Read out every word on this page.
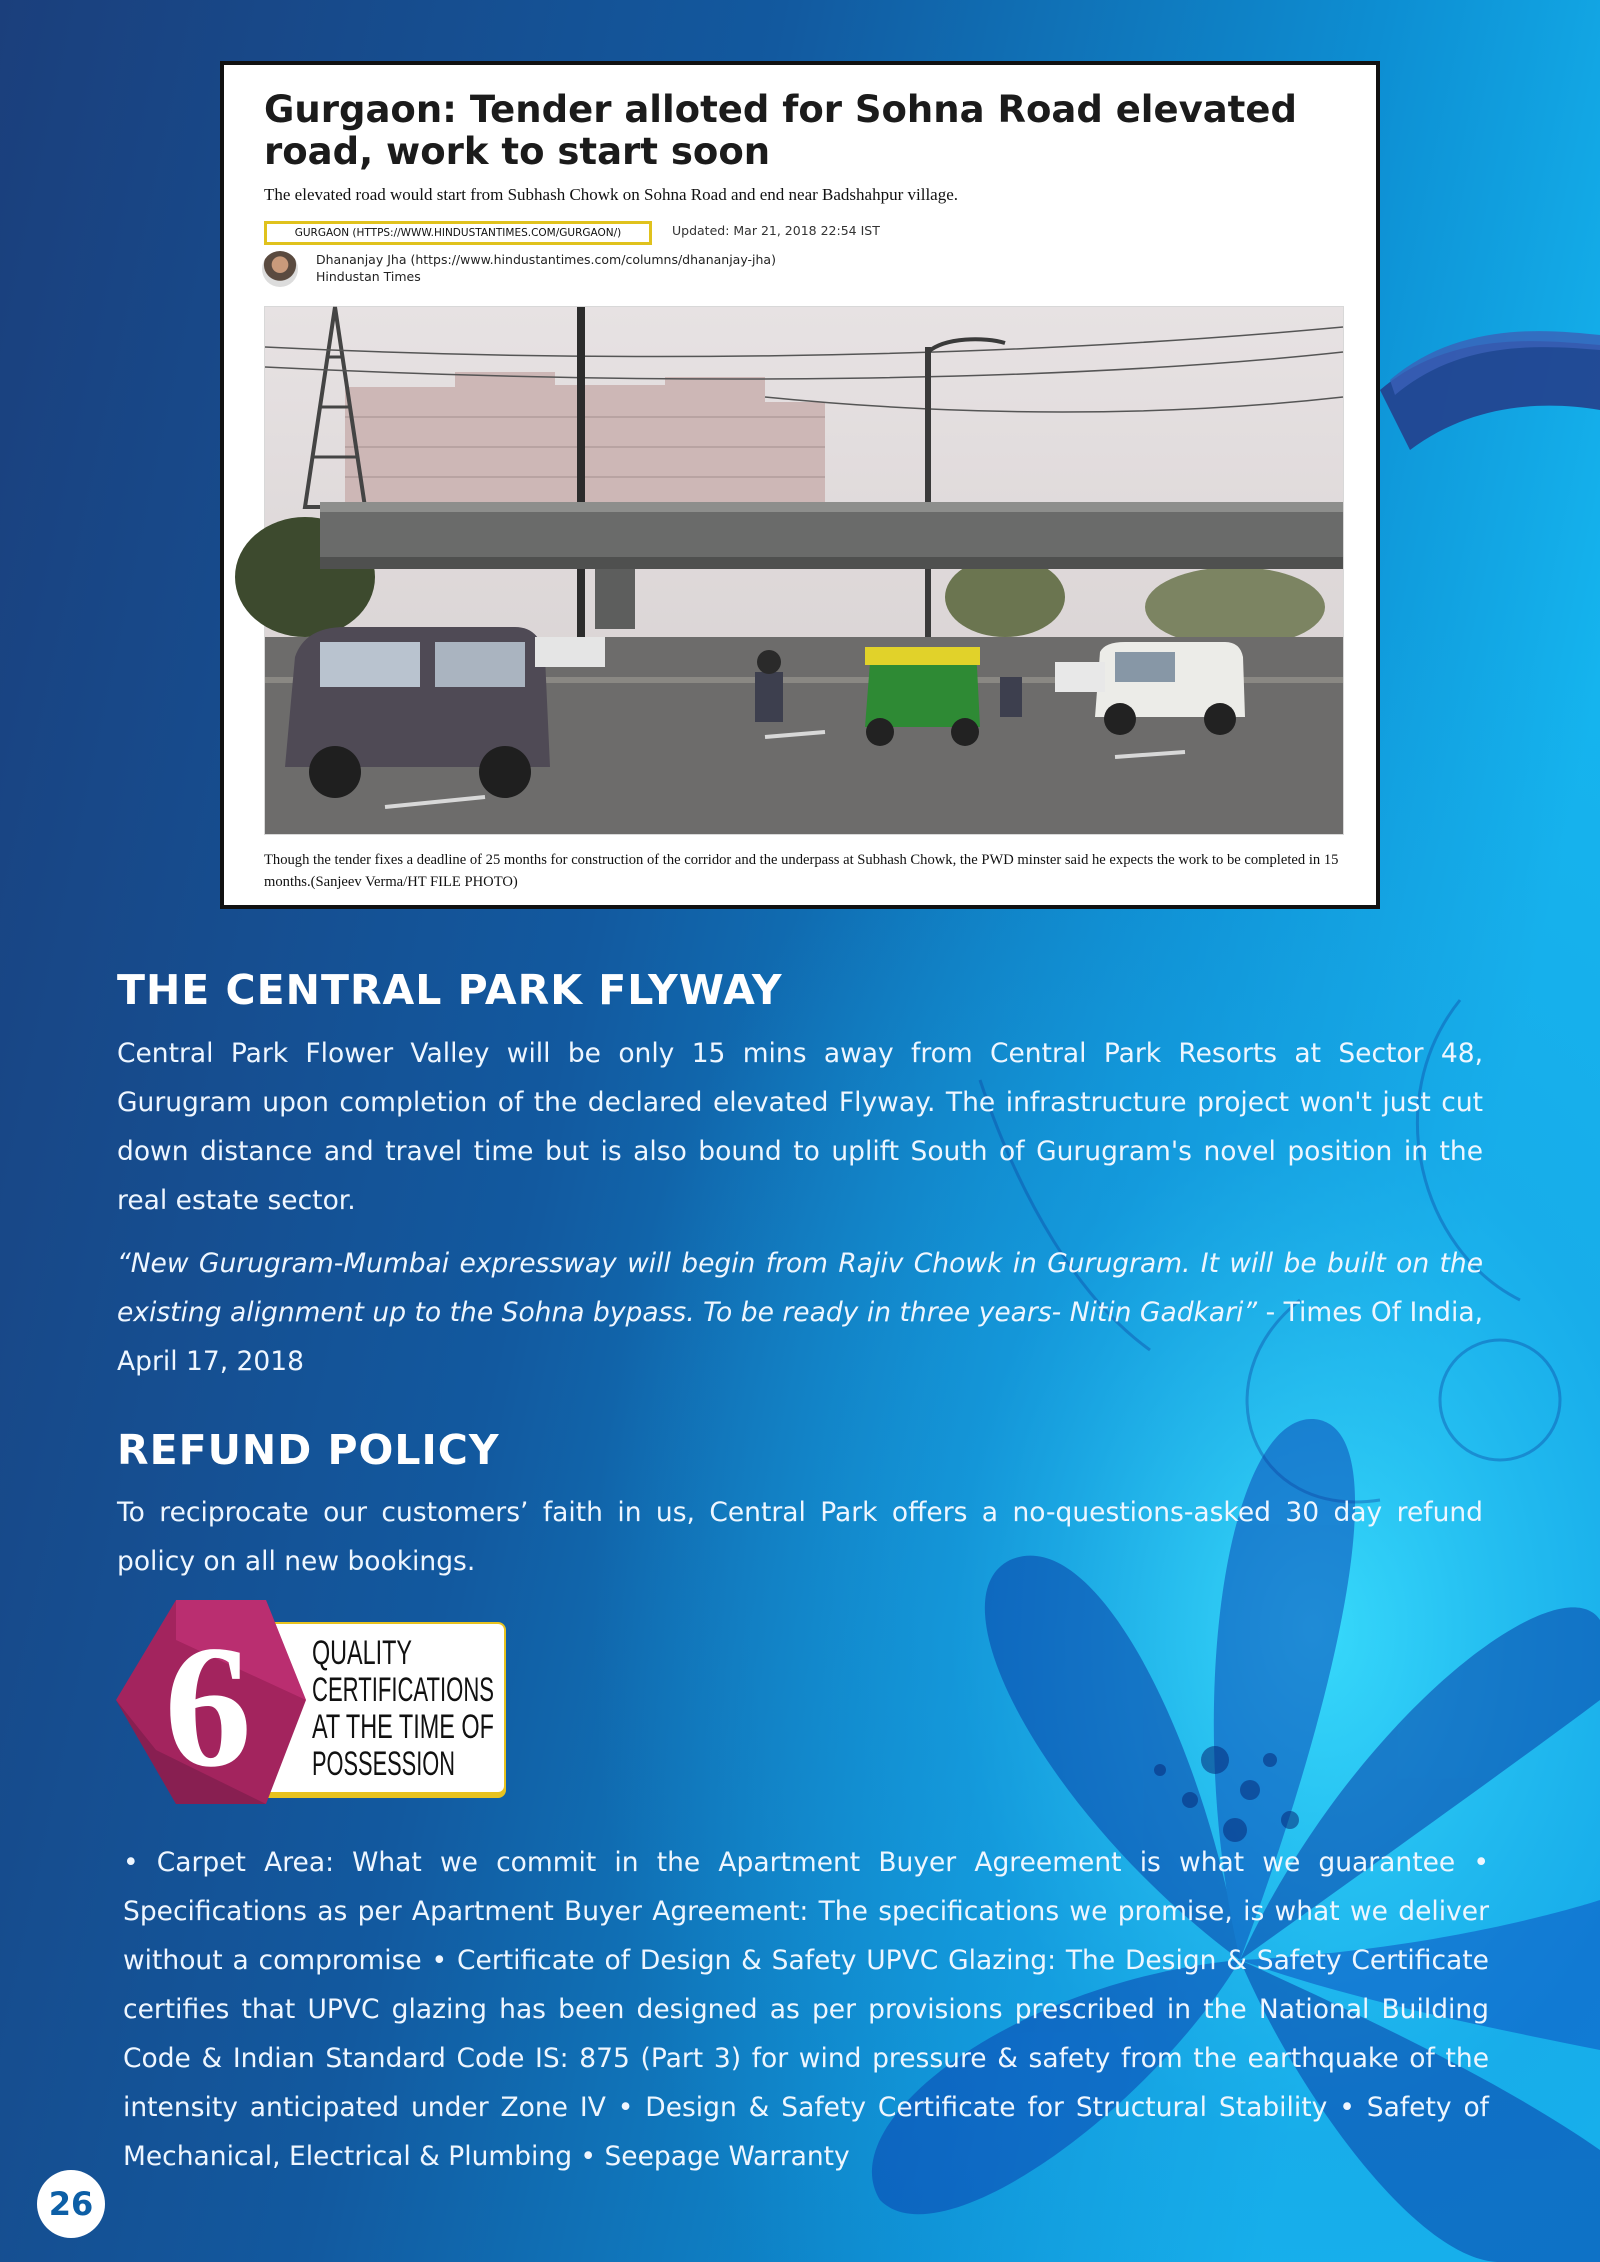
Gurgaon: Tender alloted for Sohna Road elevated road, work to start soon
The elevated road would start from Subhash Chowk on Sohna Road and end near Badshahpur village.
GURGAON (HTTPS://WWW.HINDUSTANTIMES.COM/GURGAON/)	Updated: Mar 21, 2018 22:54 IST
Dhananjay Jha (https://www.hindustantimes.com/columns/dhananjay-jha)
Hindustan Times
Though the tender fixes a deadline of 25 months for construction of the corridor and the underpass at Subhash Chowk, the PWD minster said he expects the work to be completed in 15 months.(Sanjeev Verma/HT FILE PHOTO)
THE CENTRAL PARK FLYWAY
Central Park Flower Valley will be only 15 mins away from Central Park Resorts at Sector 48, Gurugram upon completion of the declared elevated Flyway. The infrastructure project won't just cut down distance and travel time but is also bound to uplift South of Gurugram's novel position in the real estate sector.
“New Gurugram-Mumbai expressway will begin from Rajiv Chowk in Gurugram. It will be built on the existing alignment up to the Sohna bypass. To be ready in three years- Nitin Gadkari” - Times Of India, April 17, 2018
REFUND POLICY
To reciprocate our customers’ faith in us, Central Park offers a no-questions-asked 30 day refund policy on all new bookings.
6 QUALITY
CERTIFICATIONS
AT THE TIME OF
POSSESSION
• Carpet Area: What we commit in the Apartment Buyer Agreement is what we guarantee • Specifications as per Apartment Buyer Agreement: The specifications we promise, is what we deliver without a compromise • Certificate of Design & Safety UPVC Glazing: The Design & Safety Certificate certifies that UPVC glazing has been designed as per provisions prescribed in the National Building Code & Indian Standard Code IS: 875 (Part 3) for wind pressure & safety from the earthquake of the intensity anticipated under Zone IV • Design & Safety Certificate for Structural Stability • Safety of Mechanical, Electrical & Plumbing • Seepage Warranty
26
